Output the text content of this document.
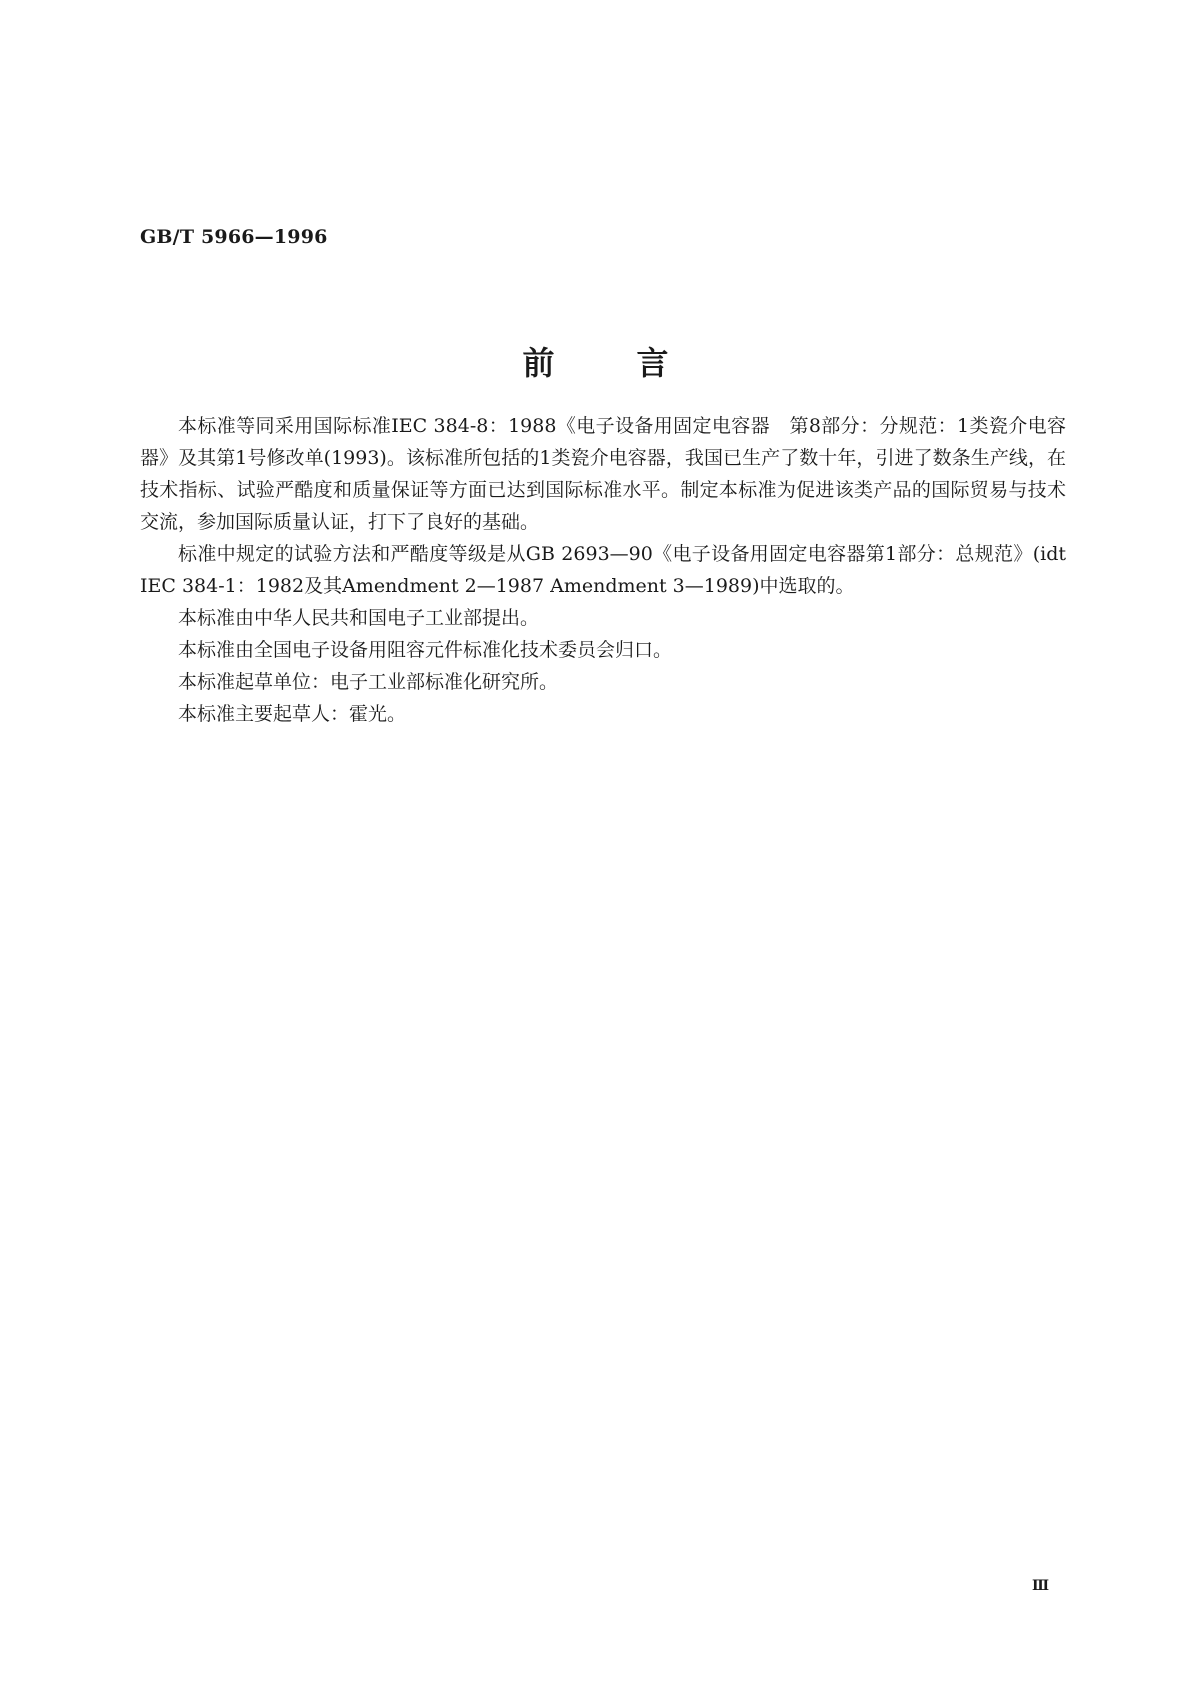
GB/T 5966—1996
前言

本标准等同采用国际标准IEC 384-8：1988《电子设备用固定电容器　第8部分：分规范：1类瓷介电容器》及其第1号修改单(1993)。该标准所包括的1类瓷介电容器，我国已生产了数十年，引进了数条生产线，在技术指标、试验严酷度和质量保证等方面已达到国际标准水平。制定本标准为促进该类产品的国际贸易与技术交流，参加国际质量认证，打下了良好的基础。

标准中规定的试验方法和严酷度等级是从GB 2693—90《电子设备用固定电容器第1部分：总规范》(idt IEC 384-1：1982及其Amendment 2—1987 Amendment 3—1989)中选取的。

本标准由中华人民共和国电子工业部提出。

本标准由全国电子设备用阻容元件标准化技术委员会归口。

本标准起草单位：电子工业部标准化研究所。

本标准主要起草人：霍光。

Ⅲ
